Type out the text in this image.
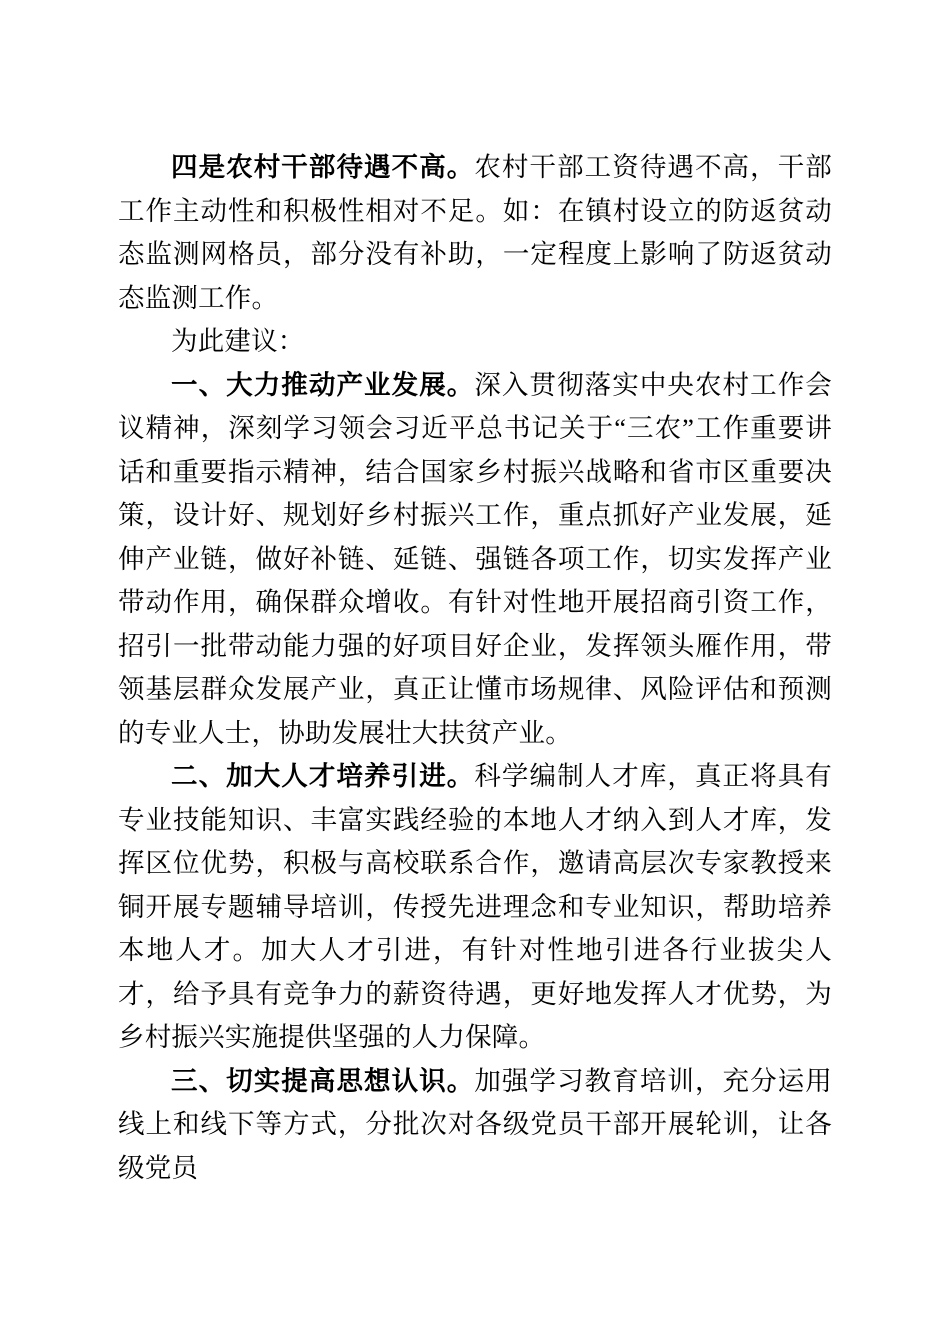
四是农村干部待遇不高。农村干部工资待遇不高，干部工作主动性和积极性相对不足。如：在镇村设立的防返贫动态监测网格员，部分没有补助，一定程度上影响了防返贫动态监测工作。

为此建议：

一、大力推动产业发展。深入贯彻落实中央农村工作会议精神，深刻学习领会习近平总书记关于“三农”工作重要讲话和重要指示精神，结合国家乡村振兴战略和省市区重要决策，设计好、规划好乡村振兴工作，重点抓好产业发展，延伸产业链，做好补链、延链、强链各项工作，切实发挥产业带动作用，确保群众增收。有针对性地开展招商引资工作，招引一批带动能力强的好项目好企业，发挥领头雁作用，带领基层群众发展产业，真正让懂市场规律、风险评估和预测的专业人士，协助发展壮大扶贫产业。

二、加大人才培养引进。科学编制人才库，真正将具有专业技能知识、丰富实践经验的本地人才纳入到人才库，发挥区位优势，积极与高校联系合作，邀请高层次专家教授来铜开展专题辅导培训，传授先进理念和专业知识，帮助培养本地人才。加大人才引进，有针对性地引进各行业拔尖人才，给予具有竞争力的薪资待遇，更好地发挥人才优势，为乡村振兴实施提供坚强的人力保障。

三、切实提高思想认识。加强学习教育培训，充分运用线上和线下等方式，分批次对各级党员干部开展轮训，让各级党员
